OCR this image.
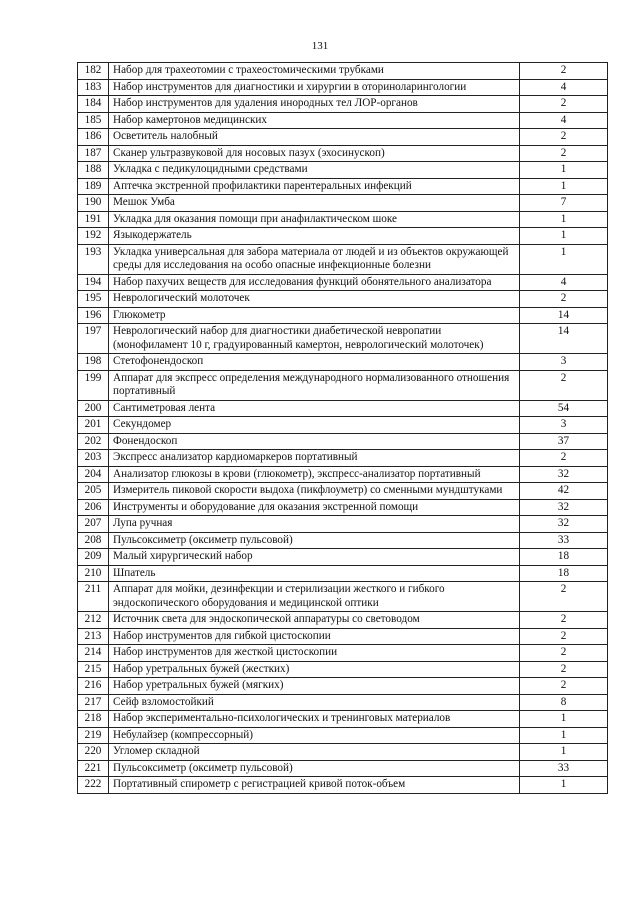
131
182	Набор для трахеотомии с трахеостомическими трубками	2
183	Набор инструментов для диагностики и хирургии в оториноларингологии	4
184	Набор инструментов для удаления инородных тел ЛОР-органов	2
185	Набор камертонов медицинских	4
186	Осветитель налобный	2
187	Сканер ультразвуковой для носовых пазух (эхосинускоп)	2
188	Укладка с педикулоцидными средствами	1
189	Аптечка экстренной профилактики парентеральных инфекций	1
190	Мешок Умба	7
191	Укладка для оказания помощи при анафилактическом шоке	1
192	Языкодержатель	1
193	Укладка универсальная для забора материала от людей и из объектов окружающей среды для исследования на особо опасные инфекционные болезни	1
194	Набор пахучих веществ для исследования функций обонятельного анализатора	4
195	Неврологический молоточек	2
196	Глюкометр	14
197	Неврологический набор для диагностики диабетической невропатии (монофиламент 10 г, градуированный камертон, неврологический молоточек)	14
198	Стетофонендоскоп	3
199	Аппарат для экспресс определения международного нормализованного отношения портативный	2
200	Сантиметровая лента	54
201	Секундомер	3
202	Фонендоскоп	37
203	Экспресс анализатор кардиомаркеров портативный	2
204	Анализатор глюкозы в крови (глюкометр), экспресс-анализатор портативный	32
205	Измеритель пиковой скорости выдоха (пикфлоуметр) со сменными мундштуками	42
206	Инструменты и оборудование для оказания экстренной помощи	32
207	Лупа ручная	32
208	Пульсоксиметр (оксиметр пульсовой)	33
209	Малый хирургический набор	18
210	Шпатель	18
211	Аппарат для мойки, дезинфекции и стерилизации жесткого и гибкого эндоскопического оборудования и медицинской оптики	2
212	Источник света для эндоскопической аппаратуры со световодом	2
213	Набор инструментов для гибкой цистоскопии	2
214	Набор инструментов для жесткой цистоскопии	2
215	Набор уретральных бужей (жестких)	2
216	Набор уретральных бужей (мягких)	2
217	Сейф взломостойкий	8
218	Набор экспериментально-психологических и тренинговых материалов	1
219	Небулайзер (компрессорный)	1
220	Угломер складной	1
221	Пульсоксиметр (оксиметр пульсовой)	33
222	Портативный спирометр с регистрацией кривой поток-объем	1
